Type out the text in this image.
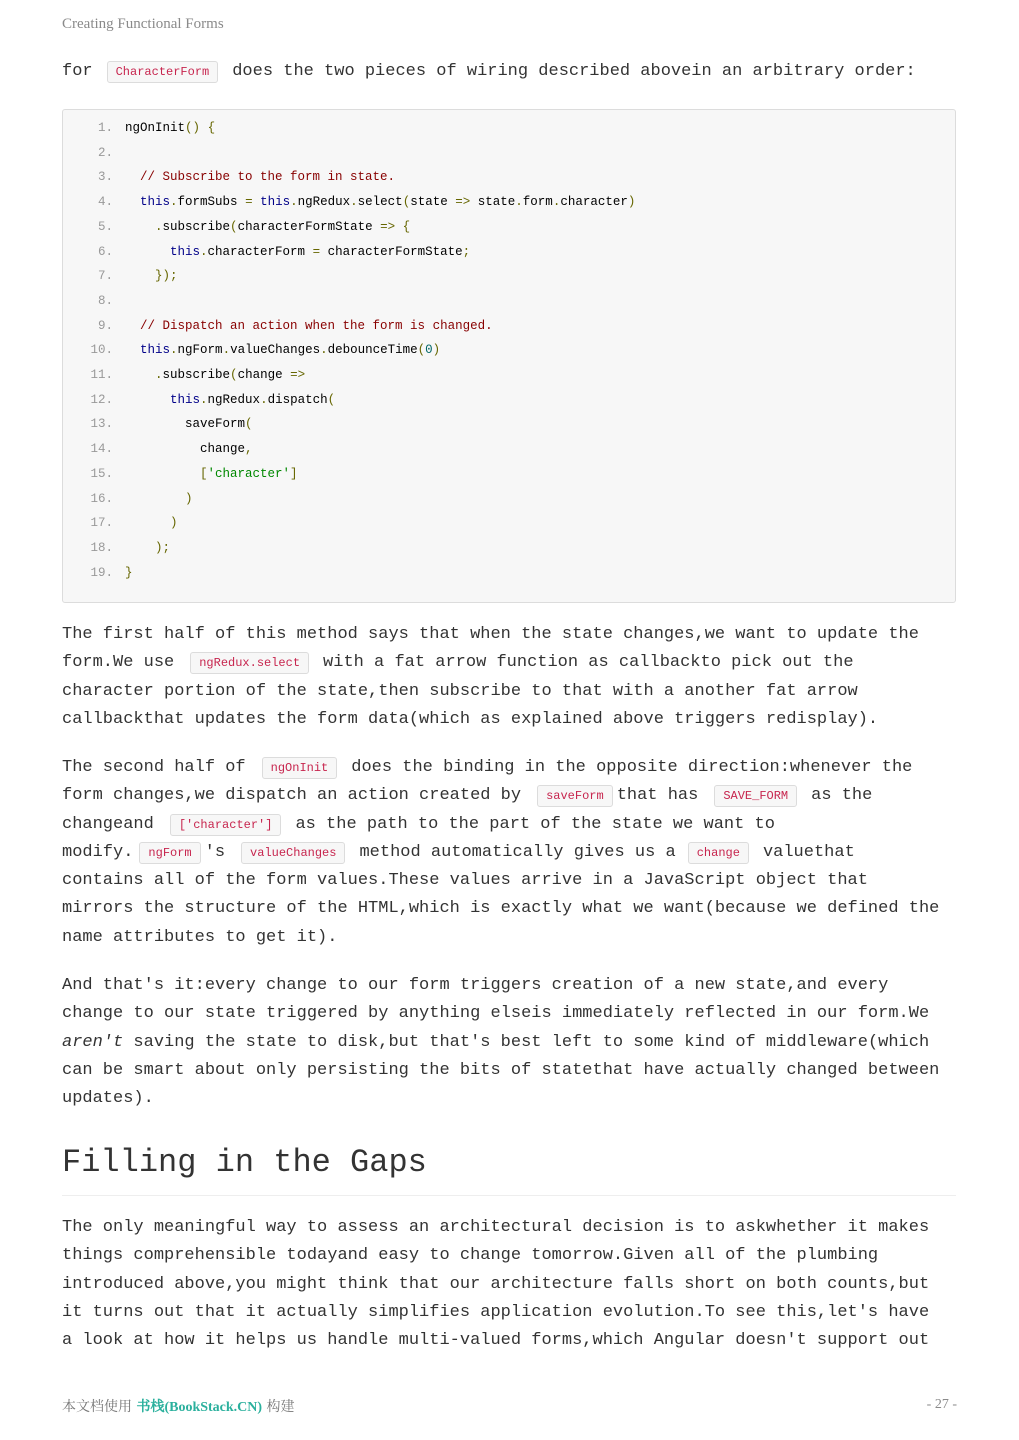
Creating Functional Forms

for CharacterForm does the two pieces of wiring described abovein an arbitrary order:

1. ngOnInit() {
2.
3. // Subscribe to the form in state.
4. this.formSubs = this.ngRedux.select(state => state.form.character)
5.	.subscribe(characterFormState => {
6.	this.characterForm = characterFormState;
7.	});
8.
9. // Dispatch an action when the form is changed.
10. this.ngForm.valueChanges.debounceTime(0)
11.	.subscribe(change =>
12.	this.ngRedux.dispatch(
13.	saveForm(
14.	change,
15.	['character']
16.	)
17.	)
18.	);
19. }
The first half of this method says that when the state changes,we want to update the
form.We use ngRedux.select with a fat arrow function as callbackto pick out the
character portion of the state,then subscribe to that with a another fat arrow
callbackthat updates the form data(which as explained above triggers redisplay).
The second half of ngOnInit does the binding in the opposite direction:whenever the
form changes,we dispatch an action created by saveForm that has SAVE_FORM as the
changeand ['character'] as the path to the part of the state we want to
modify. ngForm 's valueChanges method automatically gives us a change valuethat
contains all of the form values.These values arrive in a JavaScript object that
mirrors the structure of the HTML,which is exactly what we want(because we defined the
name attributes to get it).
And that's it:every change to our form triggers creation of a new state,and every
change to our state triggered by anything elseis immediately reflected in our form.We
aren't saving the state to disk,but that's best left to some kind of middleware(which
can be smart about only persisting the bits of statethat have actually changed between
updates).
Filling in the Gaps
The only meaningful way to assess an architectural decision is to askwhether it makes
things comprehensible todayand easy to change tomorrow.Given all of the plumbing
introduced above,you might think that our architecture falls short on both counts,but
it turns out that it actually simplifies application evolution.To see this,let's have
a look at how it helps us handle multi-valued forms,which Angular doesn't support out
本文档使用 书栈(BookStack.CN) 构建	- 27 -
